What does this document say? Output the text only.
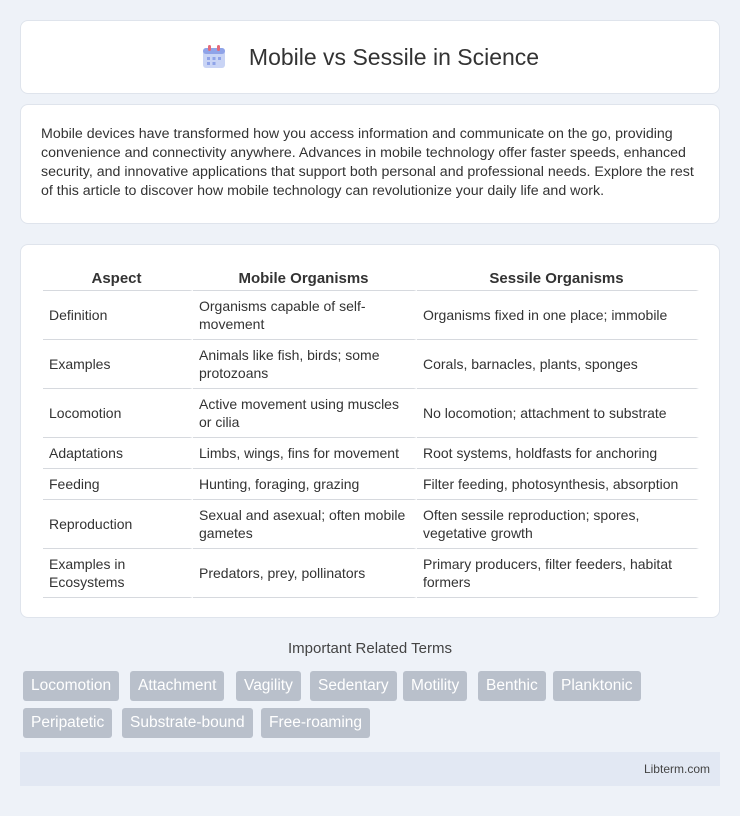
Mobile vs Sessile in Science

Mobile devices have transformed how you access information and communicate on the go, providing convenience and connectivity anywhere. Advances in mobile technology offer faster speeds, enhanced security, and innovative applications that support both personal and professional needs. Explore the rest of this article to discover how mobile technology can revolutionize your daily life and work.

Aspect	Mobile Organisms	Sessile Organisms
Definition	Organisms capable of self-movement	Organisms fixed in one place; immobile
Examples	Animals like fish, birds; some protozoans	Corals, barnacles, plants, sponges
Locomotion	Active movement using muscles or cilia	No locomotion; attachment to substrate
Adaptations	Limbs, wings, fins for movement	Root systems, holdfasts for anchoring
Feeding	Hunting, foraging, grazing	Filter feeding, photosynthesis, absorption
Reproduction	Sexual and asexual; often mobile gametes	Often sessile reproduction; spores, vegetative growth
Examples in Ecosystems	Predators, prey, pollinators	Primary producers, filter feeders, habitat formers
Important Related Terms
Locomotion	Attachment	Vagility	Sedentary	Motility	Benthic	Planktonic
Peripatetic	Substrate-bound	Free-roaming
Libterm.com
